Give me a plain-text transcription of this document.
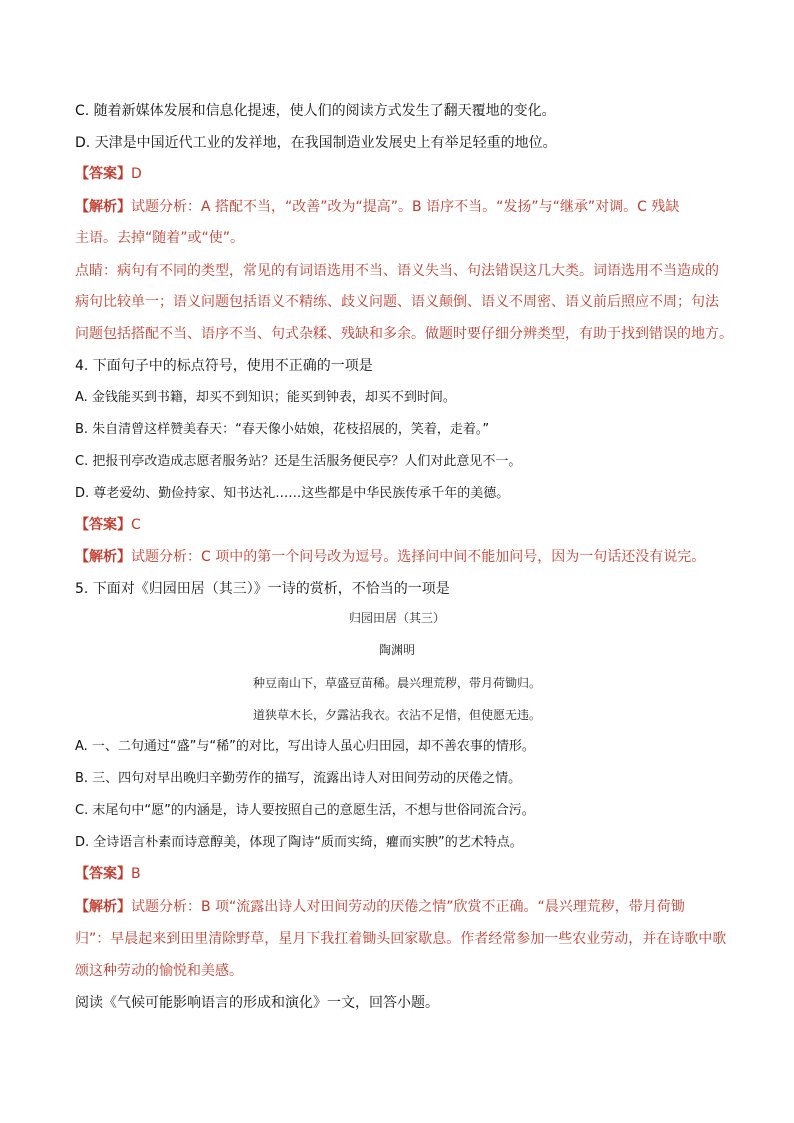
C. 随着新媒体发展和信息化提速，使人们的阅读方式发生了翻天覆地的变化。
D. 天津是中国近代工业的发祥地，在我国制造业发展史上有举足轻重的地位。
【答案】D
【解析】试题分析：A 搭配不当，“改善”改为“提高”。B 语序不当。“发扬”与“继承”对调。C 残缺
主语。去掉“随着”或“使”。
点睛：病句有不同的类型，常见的有词语选用不当、语义失当、句法错误这几大类。词语选用不当造成的
病句比较单一；语义问题包括语义不精练、歧义问题、语义颠倒、语义不周密、语义前后照应不周；句法
问题包括搭配不当、语序不当、句式杂糅、残缺和多余。做题时要仔细分辨类型，有助于找到错误的地方。
4. 下面句子中的标点符号，使用不正确的一项是
A. 金钱能买到书籍，却买不到知识；能买到钟表，却买不到时间。
B. 朱自清曾这样赞美春天：“春天像小姑娘，花枝招展的，笑着，走着。”
C. 把报刊亭改造成志愿者服务站？还是生活服务便民亭？人们对此意见不一。
D. 尊老爱幼、勤俭持家、知书达礼……这些都是中华民族传承千年的美德。
【答案】C
【解析】试题分析：C 项中的第一个问号改为逗号。选择问中间不能加问号，因为一句话还没有说完。
5. 下面对《归园田居（其三）》一诗的赏析，不恰当的一项是
归园田居（其三）
陶渊明
种豆南山下，草盛豆苗稀。晨兴理荒秽，带月荷锄归。
道狭草木长，夕露沾我衣。衣沾不足惜，但使愿无违。
A. 一、二句通过“盛”与“稀”的对比，写出诗人虽心归田园，却不善农事的情形。
B. 三、四句对早出晚归辛勤劳作的描写，流露出诗人对田间劳动的厌倦之情。
C. 末尾句中“愿”的内涵是，诗人要按照自己的意愿生活，不想与世俗同流合污。
D. 全诗语言朴素而诗意醇美，体现了陶诗“质而实绮，癯而实腴”的艺术特点。
【答案】B
【解析】试题分析：B 项“流露出诗人对田间劳动的厌倦之情”欣赏不正确。“晨兴理荒秽，带月荷锄
归”：早晨起来到田里清除野草，星月下我扛着锄头回家歇息。作者经常参加一些农业劳动，并在诗歌中歌
颂这种劳动的愉悦和美感。
阅读《气候可能影响语言的形成和演化》一文，回答小题。
